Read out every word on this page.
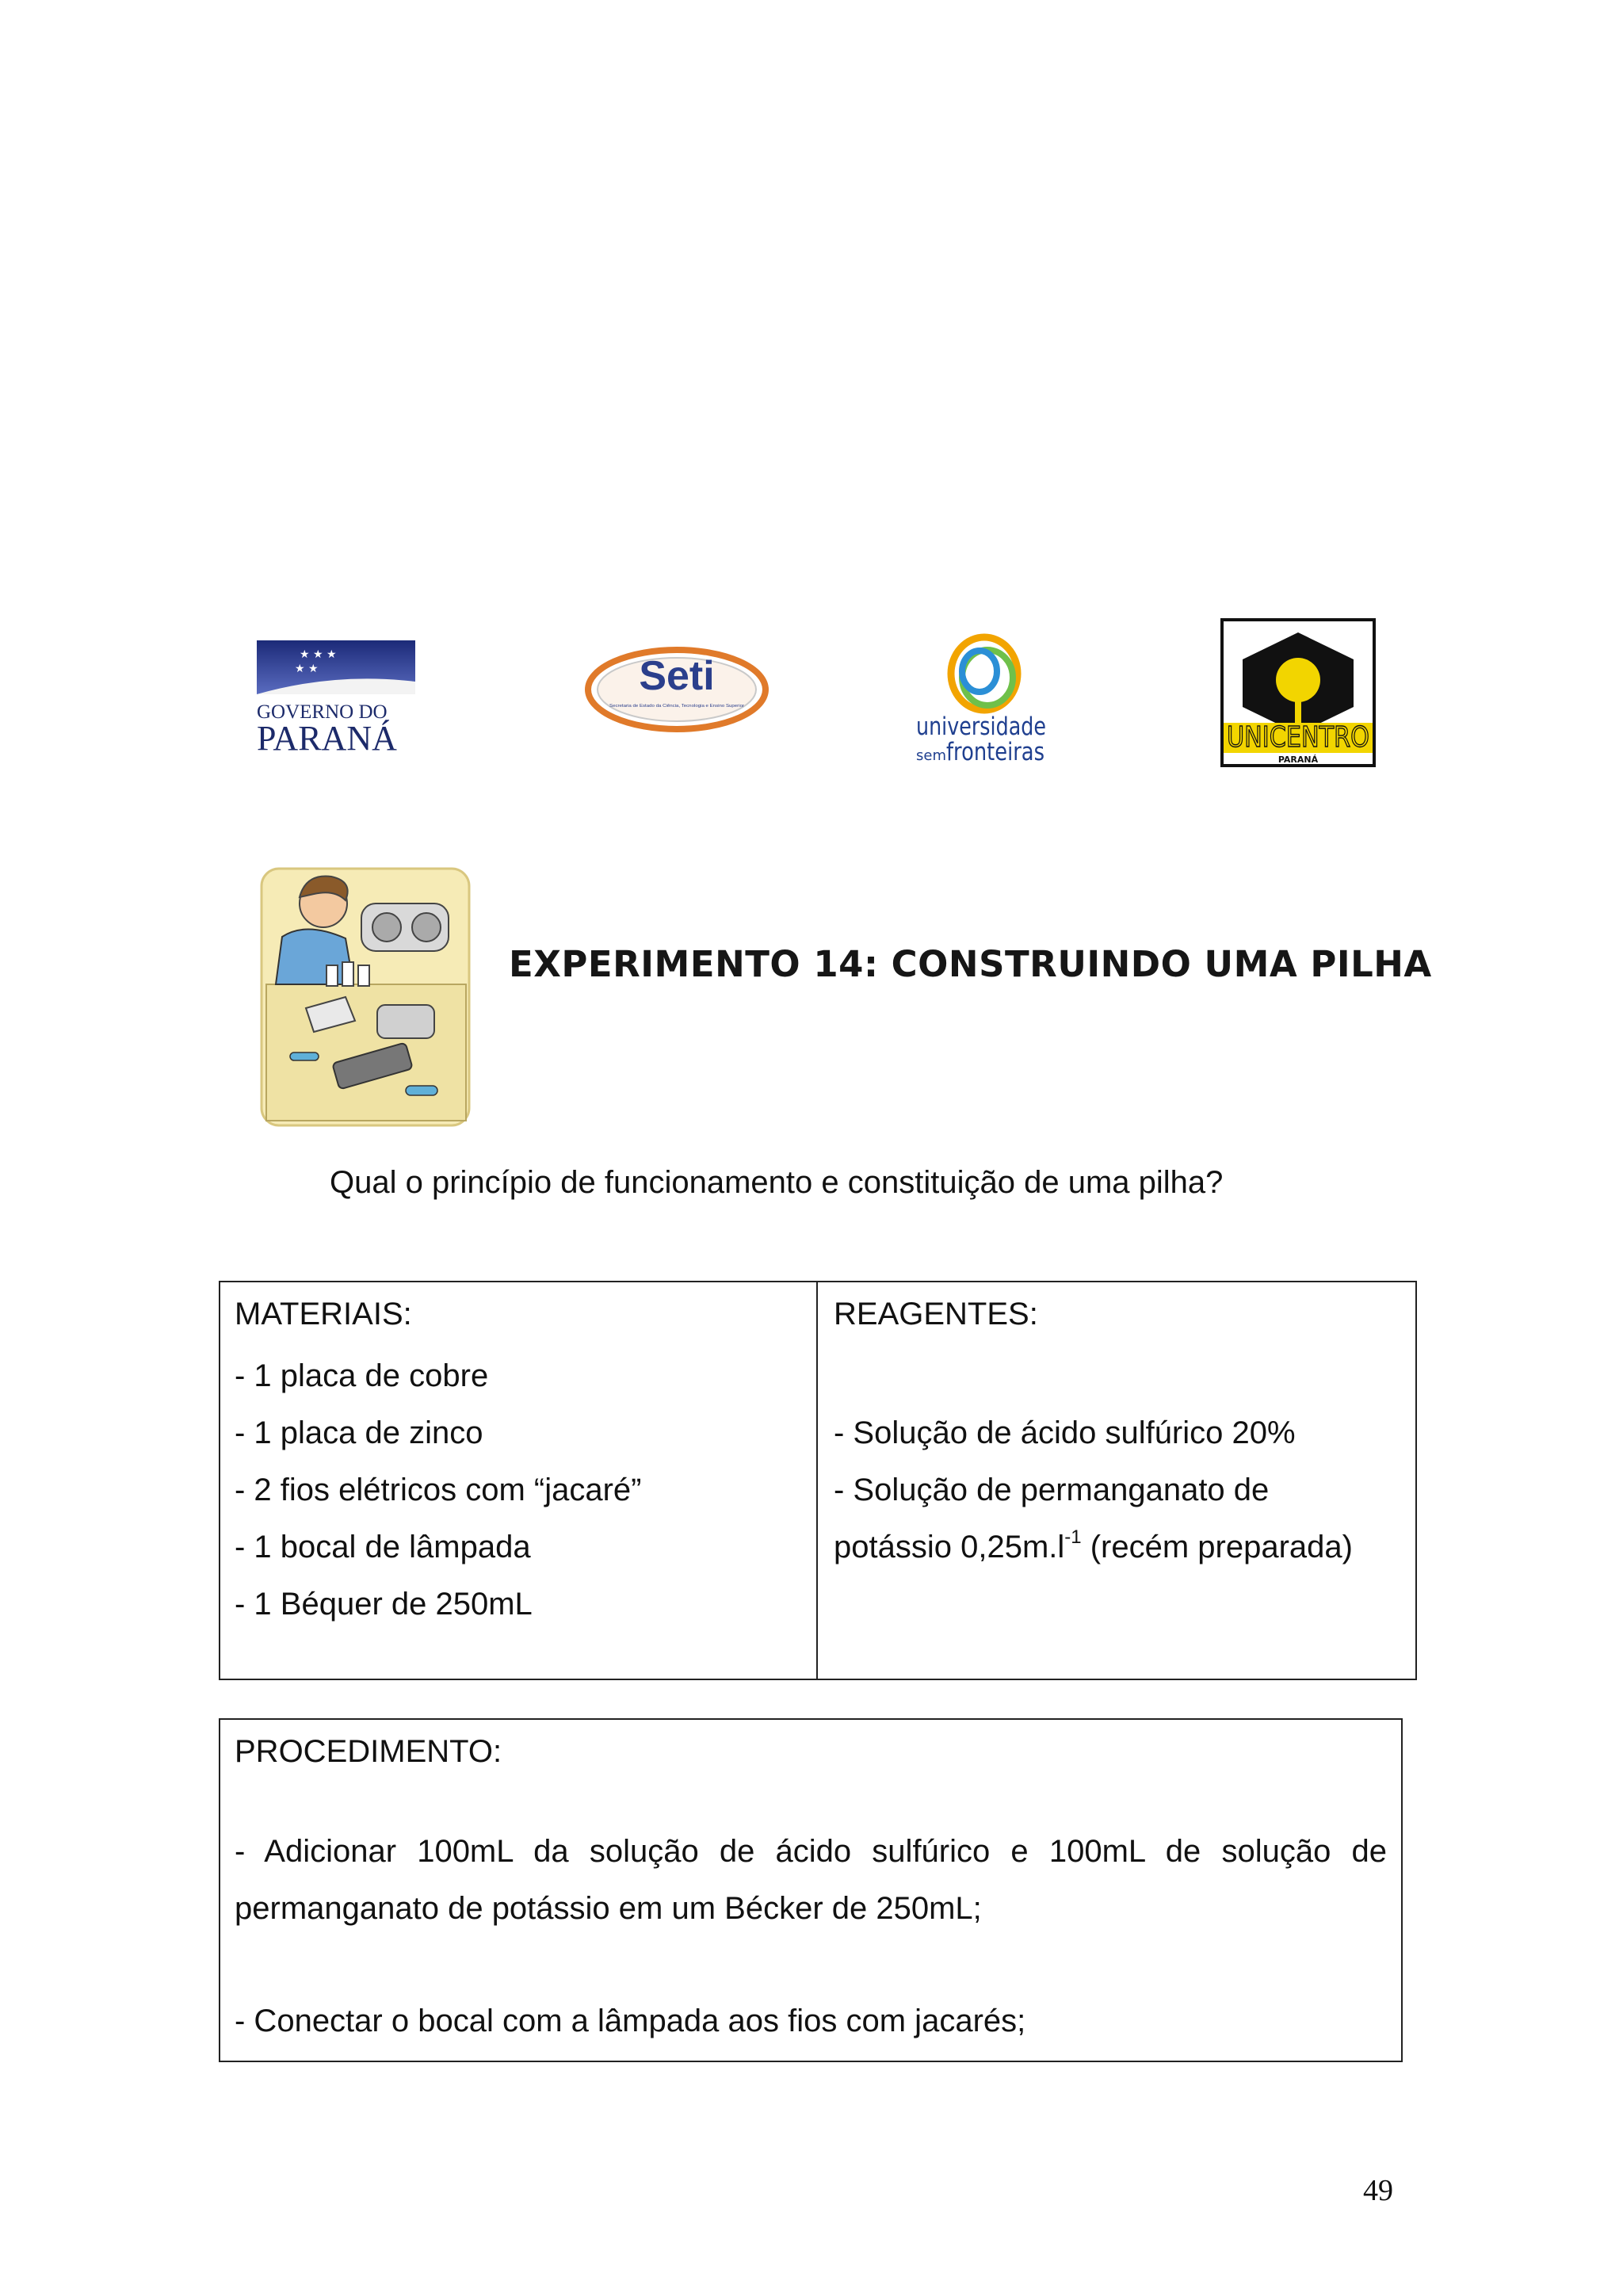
★ ★ ★
★ ★
GOVERNO DO
PARANÁ
Seti
Secretaria de Estado da Ciência, Tecnologia e Ensino Superior
universidade
sem fronteiras	UNICENTRO
PARANÁ
EXPERIMENTO 14: CONSTRUINDO UMA PILHA
Qual o princípio de funcionamento e constituição de uma pilha?
MATERIAIS:
- 1 placa de cobre
- 1 placa de zinco
- 2 fios elétricos com “jacaré”
- 1 bocal de lâmpada
- 1 Béquer de 250mL
REAGENTES:
- Solução de ácido sulfúrico 20%
- Solução de permanganato de
potássio $0,25m.l^{-1}$ (recém preparada)
PROCEDIMENTO:
- Adicionar 100mL da solução de ácido sulfúrico e 100mL de solução de
permanganato de potássio em um Bécker de 250mL;
- Conectar o bocal com a lâmpada aos fios com jacarés;
49
